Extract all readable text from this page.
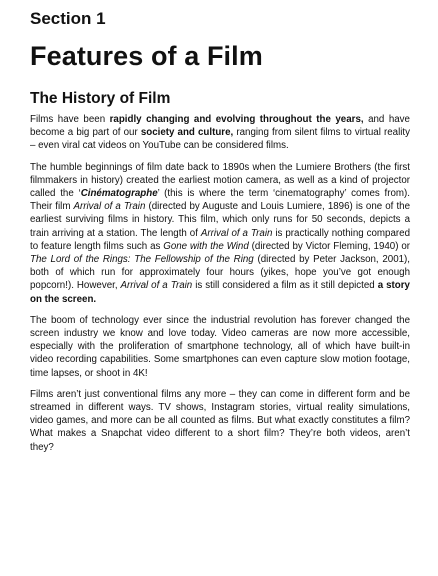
Section 1
Features of a Film
The History of Film

Films have been rapidly changing and evolving throughout the years, and have become a big part of our society and culture, ranging from silent films to virtual reality – even viral cat videos on YouTube can be considered films.

The humble beginnings of film date back to 1890s when the Lumiere Brothers (the first filmmakers in history) created the earliest motion camera, as well as a kind of projector called the ‘Cinématographe’ (this is where the term ‘cinematography’ comes from). Their film Arrival of a Train (directed by Auguste and Louis Lumiere, 1896) is one of the earliest surviving films in history. This film, which only runs for 50 seconds, depicts a train arriving at a station. The length of Arrival of a Train is practically nothing compared to feature length films such as Gone with the Wind (directed by Victor Fleming, 1940) or The Lord of the Rings: The Fellowship of the Ring (directed by Peter Jackson, 2001), both of which run for approximately four hours (yikes, hope you’ve got enough popcorn!). However, Arrival of a Train is still considered a film as it still depicted a story on the screen.

The boom of technology ever since the industrial revolution has forever changed the screen industry we know and love today. Video cameras are now more accessible, especially with the proliferation of smartphone technology, all of which have built-in video recording capabilities. Some smartphones can even capture slow motion footage, time lapses, or shoot in 4K!

Films aren’t just conventional films any more – they can come in different form and be streamed in different ways. TV shows, Instagram stories, virtual reality simulations, video games, and more can be all counted as films. But what exactly constitutes a film? What makes a Snapchat video different to a short film? They’re both videos, aren’t they?
